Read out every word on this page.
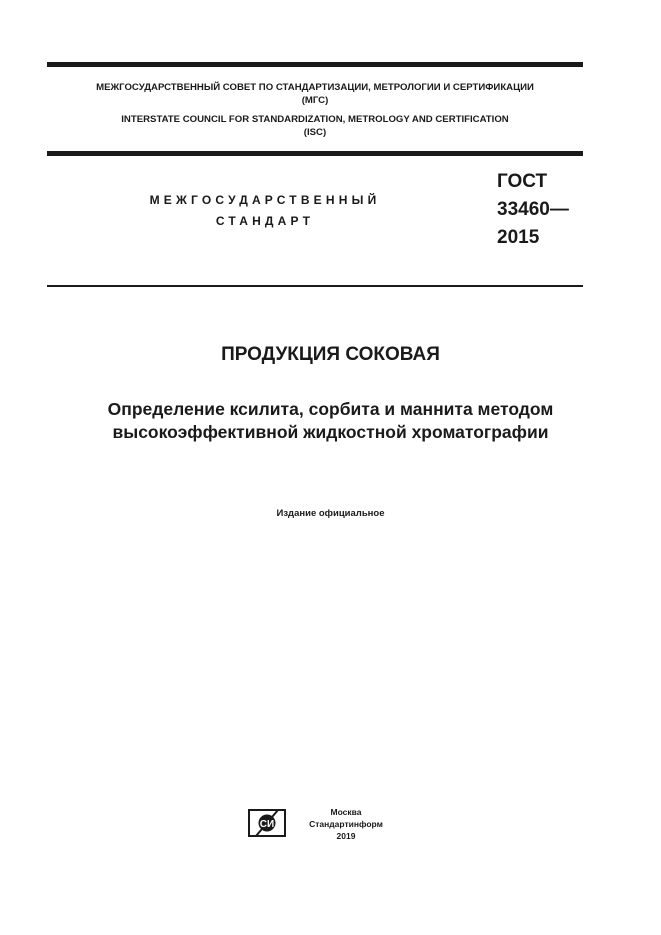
МЕЖГОСУДАРСТВЕННЫЙ СОВЕТ ПО СТАНДАРТИЗАЦИИ, МЕТРОЛОГИИ И СЕРТИФИКАЦИИ
(МГС)
INTERSTATE COUNCIL FOR STANDARDIZATION, METROLOGY AND CERTIFICATION
(ISC)
МЕЖГОСУДАРСТВЕННЫЙ
СТАНДАРТ
ГОСТ
33460—
2015
ПРОДУКЦИЯ СОКОВАЯ
Определение ксилита, сорбита и маннита методом
высокоэффективной жидкостной хроматографии
Издание официальное
СИ
Москва
Стандартинформ
2019
